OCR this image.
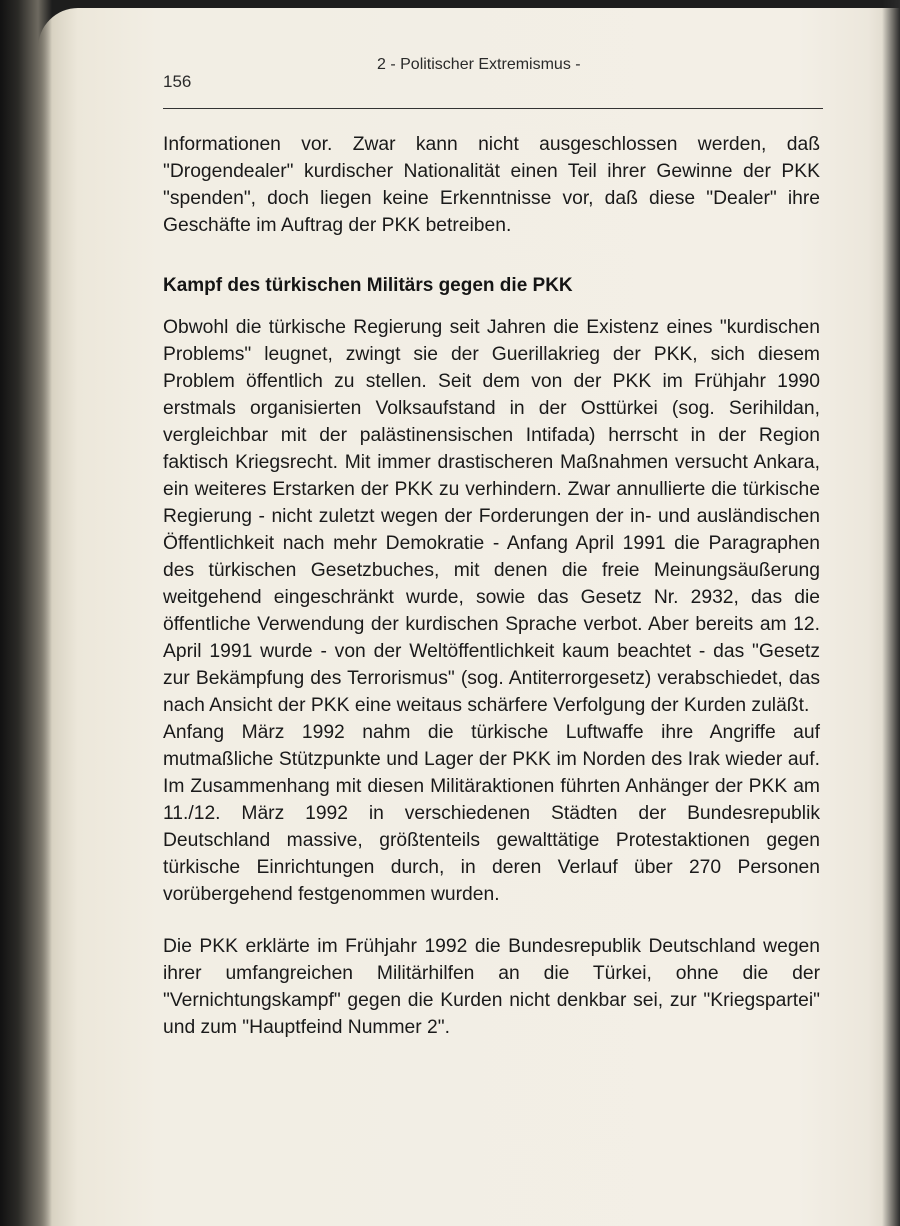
156
2 - Politischer Extremismus -

Informationen vor. Zwar kann nicht ausgeschlossen werden, daß "Drogendealer" kurdischer Nationalität einen Teil ihrer Gewinne der PKK "spenden", doch liegen keine Erkenntnisse vor, daß diese "Dealer" ihre Geschäfte im Auftrag der PKK betreiben.

Kampf des türkischen Militärs gegen die PKK

Obwohl die türkische Regierung seit Jahren die Existenz eines "kurdischen Problems" leugnet, zwingt sie der Guerillakrieg der PKK, sich diesem Problem öffentlich zu stellen. Seit dem von der PKK im Frühjahr 1990 erstmals organisierten Volksaufstand in der Osttürkei (sog. Serihildan, vergleichbar mit der palästinensischen Intifada) herrscht in der Region faktisch Kriegsrecht. Mit immer drastischeren Maßnahmen versucht Ankara, ein weiteres Erstarken der PKK zu verhindern. Zwar annullierte die türkische Regierung - nicht zuletzt wegen der Forderungen der in- und ausländischen Öffentlichkeit nach mehr Demokratie - Anfang April 1991 die Paragraphen des türkischen Gesetzbuches, mit denen die freie Meinungsäußerung weitgehend eingeschränkt wurde, sowie das Gesetz Nr. 2932, das die öffentliche Verwendung der kurdischen Sprache verbot. Aber bereits am 12. April 1991 wurde - von der Weltöffentlichkeit kaum beachtet - das "Gesetz zur Bekämpfung des Terrorismus" (sog. Antiterrorgesetz) verabschiedet, das nach Ansicht der PKK eine weitaus schärfere Verfolgung der Kurden zuläßt.

Anfang März 1992 nahm die türkische Luftwaffe ihre Angriffe auf mutmaßliche Stützpunkte und Lager der PKK im Norden des Irak wieder auf. Im Zusammenhang mit diesen Militäraktionen führten Anhänger der PKK am 11./12. März 1992 in verschiedenen Städten der Bundesrepublik Deutschland massive, größtenteils gewalttätige Protestaktionen gegen türkische Einrichtungen durch, in deren Verlauf über 270 Personen vorübergehend festgenommen wurden.

Die PKK erklärte im Frühjahr 1992 die Bundesrepublik Deutschland wegen ihrer umfangreichen Militärhilfen an die Türkei, ohne die der "Vernichtungskampf" gegen die Kurden nicht denkbar sei, zur "Kriegspartei" und zum "Hauptfeind Nummer 2".
